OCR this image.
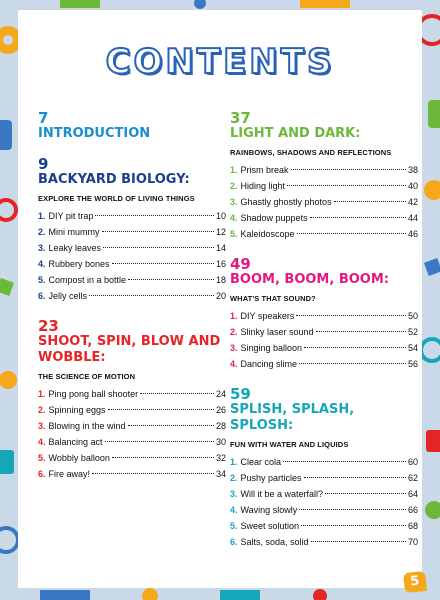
CONTENTS
7
INTRODUCTION
9
BACKYARD BIOLOGY:
EXPLORE THE WORLD OF LIVING THINGS
1. DIY pit trap	10
2. Mini mummy	12
3. Leaky leaves	14
4. Rubbery bones	16
5. Compost in a bottle	18
6. Jelly cells	20
23
SHOOT, SPIN, BLOW AND WOBBLE:
THE SCIENCE OF MOTION
1. Ping pong ball shooter	24
2. Spinning eggs	26
3. Blowing in the wind	28
4. Balancing act	30
5. Wobbly balloon	32
6. Fire away!	34
37
LIGHT AND DARK:
RAINBOWS, SHADOWS AND REFLECTIONS
1. Prism break	38
2. Hiding light	40
3. Ghastly ghostly photos	42
4. Shadow puppets	44
5. Kaleidoscope	46
49
BOOM, BOOM, BOOM:
WHAT'S THAT SOUND?
1. DIY speakers	50
2. Slinky laser sound	52
3. Singing balloon	54
4. Dancing slime	56
59
SPLISH, SPLASH, SPLOSH:
FUN WITH WATER AND LIQUIDS
1. Clear cola	60
2. Pushy particles	62
3. Will it be a waterfall?	64
4. Waving slowly	66
5. Sweet solution	68
6. Salts, soda, solid	70
5
